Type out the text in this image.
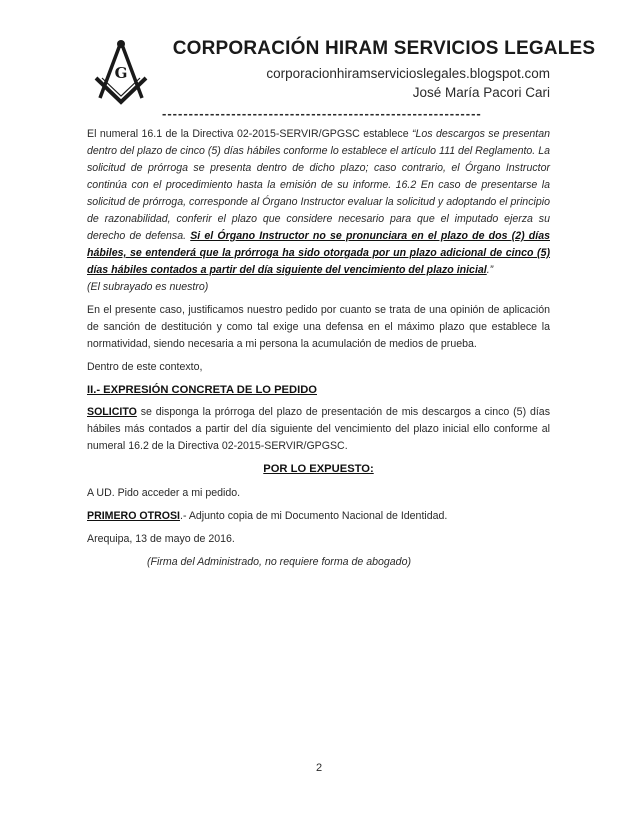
G
CORPORACIÓN HIRAM SERVICIOS LEGALES
corporacionhiramservicioslegales.blogspot.com
José María Pacori Cari
------------------------------------------------------------

El numeral 16.1 de la Directiva 02-2015-SERVIR/GPGSC establece “Los descargos se presentan dentro del plazo de cinco (5) días hábiles conforme lo establece el artículo 111 del Reglamento. La solicitud de prórroga se presenta dentro de dicho plazo; caso contrario, el Órgano Instructor continúa con el procedimiento hasta la emisión de su informe. 16.2 En caso de presentarse la solicitud de prórroga, corresponde al Órgano Instructor evaluar la solicitud y adoptando el principio de razonabilidad, conferir el plazo que considere necesario para que el imputado ejerza su derecho de defensa. Si el Órgano Instructor no se pronunciara en el plazo de dos (2) días hábiles, se entenderá que la prórroga ha sido otorgada por un plazo adicional de cinco (5) días hábiles contados a partir del día siguiente del vencimiento del plazo inicial.”
(El subrayado es nuestro)

En el presente caso, justificamos nuestro pedido por cuanto se trata de una opinión de aplicación de sanción de destitución y como tal exige una defensa en el máximo plazo que establece la normatividad, siendo necesaria a mi persona la acumulación de medios de prueba.

Dentro de este contexto,

II.- EXPRESIÓN CONCRETA DE LO PEDIDO

SOLICITO se disponga la prórroga del plazo de presentación de mis descargos a cinco (5) días hábiles más contados a partir del día siguiente del vencimiento del plazo inicial ello conforme al numeral 16.2 de la Directiva 02-2015-SERVIR/GPGSC.

POR LO EXPUESTO:

A UD. Pido acceder a mi pedido.

PRIMERO OTROSI.- Adjunto copia de mi Documento Nacional de Identidad.

Arequipa, 13 de mayo de 2016.

(Firma del Administrado, no requiere forma de abogado)

2
